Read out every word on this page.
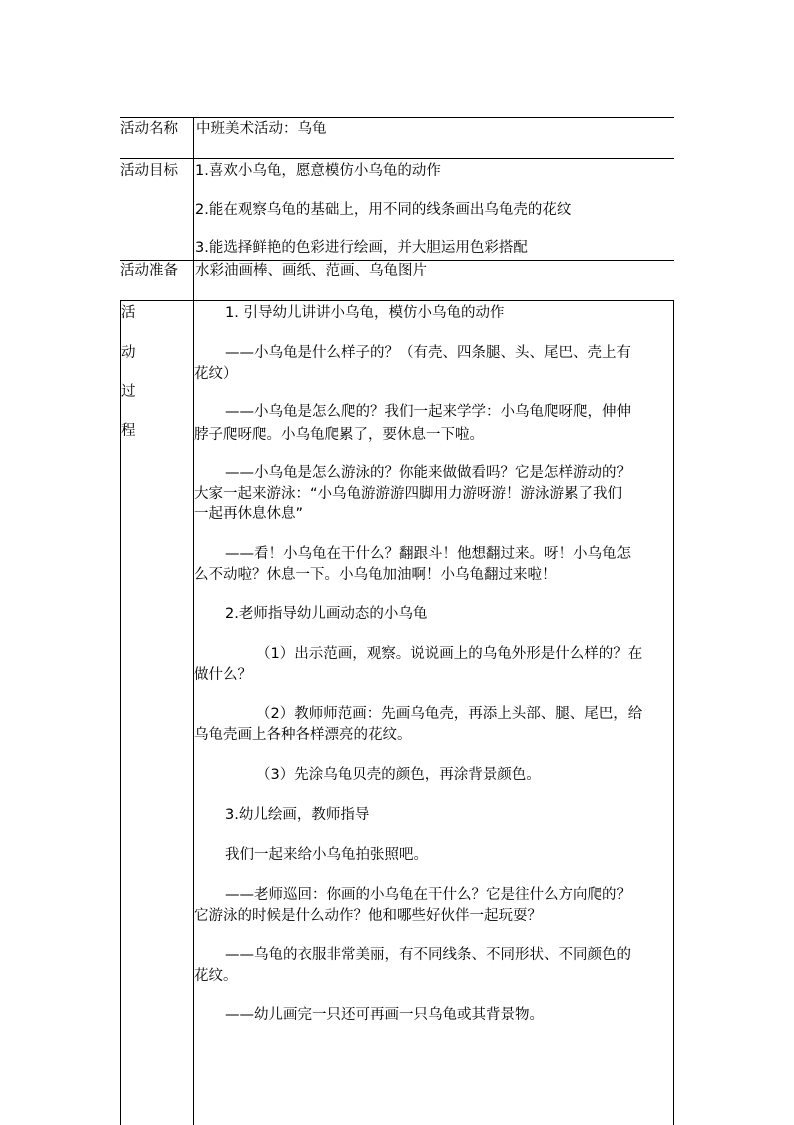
活动名称 中班美术活动：乌龟
活动目标 1.喜欢小乌龟，愿意模仿小乌龟的动作
2.能在观察乌龟的基础上，用不同的线条画出乌龟壳的花纹
3.能选择鲜艳的色彩进行绘画，并大胆运用色彩搭配
活动准备 水彩油画棒、画纸、范画、乌龟图片
活
动
过
程
1. 引导幼儿讲讲小乌龟，模仿小乌龟的动作
——小乌龟是什么样子的？（有壳、四条腿、头、尾巴、壳上有
花纹）
——小乌龟是怎么爬的？我们一起来学学：小乌龟爬呀爬，伸伸
脖子爬呀爬。小乌龟爬累了，要休息一下啦。
——小乌龟是怎么游泳的？你能来做做看吗？它是怎样游动的？
大家一起来游泳：“小乌龟游游游四脚用力游呀游！游泳游累了我们
一起再休息休息”
——看！小乌龟在干什么？翻跟斗！他想翻过来。呀！小乌龟怎
么不动啦？休息一下。小乌龟加油啊！小乌龟翻过来啦！
2.老师指导幼儿画动态的小乌龟
（1）出示范画，观察。说说画上的乌龟外形是什么样的？在
做什么？
（2）教师师范画：先画乌龟壳，再添上头部、腿、尾巴，给
乌龟壳画上各种各样漂亮的花纹。
（3）先涂乌龟贝壳的颜色，再涂背景颜色。
3.幼儿绘画，教师指导
我们一起来给小乌龟拍张照吧。
——老师巡回：你画的小乌龟在干什么？它是往什么方向爬的？
它游泳的时候是什么动作？他和哪些好伙伴一起玩耍？
——乌龟的衣服非常美丽，有不同线条、不同形状、不同颜色的
花纹。
——幼儿画完一只还可再画一只乌龟或其背景物。
